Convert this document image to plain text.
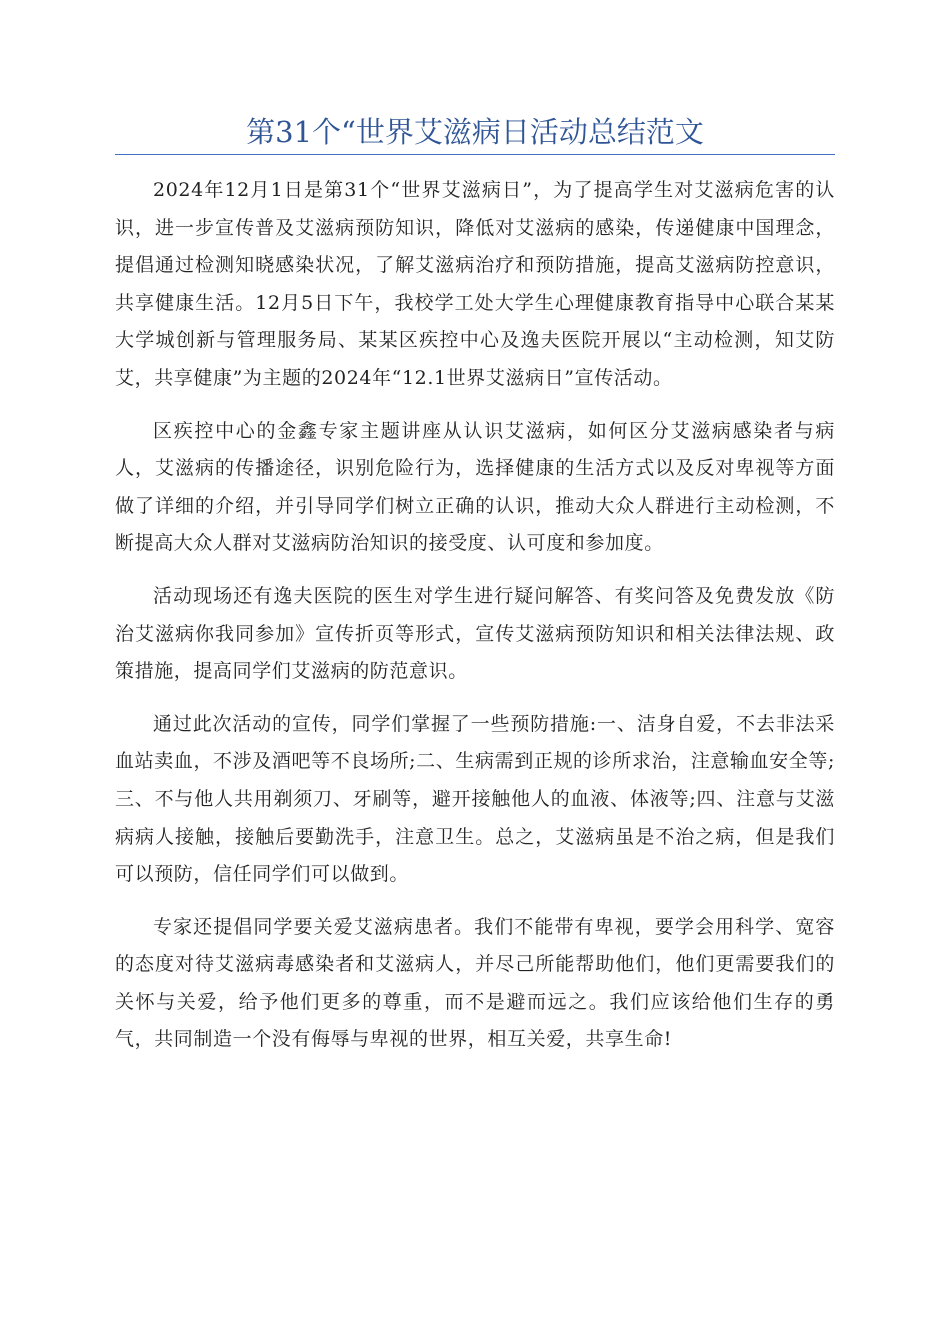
第31个“世界艾滋病日活动总结范文

2024年12月1日是第31个“世界艾滋病日”，为了提高学生对艾滋病危害的认识，进一步宣传普及艾滋病预防知识，降低对艾滋病的感染，传递健康中国理念，提倡通过检测知晓感染状况，了解艾滋病治疗和预防措施，提高艾滋病防控意识，共享健康生活。12月5日下午，我校学工处大学生心理健康教育指导中心联合某某大学城创新与管理服务局、某某区疾控中心及逸夫医院开展以“主动检测，知艾防艾，共享健康”为主题的2024年“12.1世界艾滋病日”宣传活动。

区疾控中心的金鑫专家主题讲座从认识艾滋病，如何区分艾滋病感染者与病人，艾滋病的传播途径，识别危险行为，选择健康的生活方式以及反对卑视等方面做了详细的介绍，并引导同学们树立正确的认识，推动大众人群进行主动检测，不断提高大众人群对艾滋病防治知识的接受度、认可度和参加度。

活动现场还有逸夫医院的医生对学生进行疑问解答、有奖问答及免费发放《防治艾滋病你我同参加》宣传折页等形式，宣传艾滋病预防知识和相关法律法规、政策措施，提高同学们艾滋病的防范意识。

通过此次活动的宣传，同学们掌握了一些预防措施:一、洁身自爱，不去非法采血站卖血，不涉及酒吧等不良场所;二、生病需到正规的诊所求治，注意输血安全等;三、不与他人共用剃须刀、牙刷等，避开接触他人的血液、体液等;四、注意与艾滋病病人接触，接触后要勤洗手，注意卫生。总之，艾滋病虽是不治之病，但是我们可以预防，信任同学们可以做到。

专家还提倡同学要关爱艾滋病患者。我们不能带有卑视，要学会用科学、宽容的态度对待艾滋病毒感染者和艾滋病人，并尽己所能帮助他们，他们更需要我们的关怀与关爱，给予他们更多的尊重，而不是避而远之。我们应该给他们生存的勇气，共同制造一个没有侮辱与卑视的世界，相互关爱，共享生命!
